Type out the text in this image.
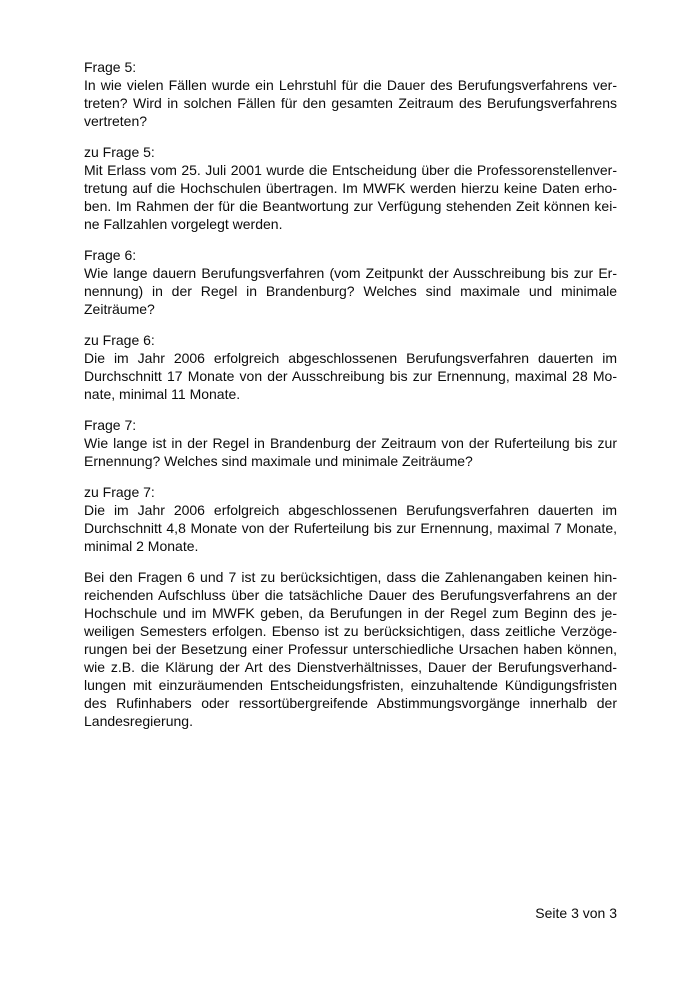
Frage 5:
In wie vielen Fällen wurde ein Lehrstuhl für die Dauer des Berufungsverfahrens ver-
treten? Wird in solchen Fällen für den gesamten Zeitraum des Berufungsverfahrens
vertreten?
zu Frage 5:
Mit Erlass vom 25. Juli 2001 wurde die Entscheidung über die Professorenstellenver-
tretung auf die Hochschulen übertragen. Im MWFK werden hierzu keine Daten erho-
ben. Im Rahmen der für die Beantwortung zur Verfügung stehenden Zeit können kei-
ne Fallzahlen vorgelegt werden.
Frage 6:
Wie lange dauern Berufungsverfahren (vom Zeitpunkt der Ausschreibung bis zur Er-
nennung) in der Regel in Brandenburg? Welches sind maximale und minimale
Zeiträume?
zu Frage 6:
Die im Jahr 2006 erfolgreich abgeschlossenen Berufungsverfahren dauerten im
Durchschnitt 17 Monate von der Ausschreibung bis zur Ernennung, maximal 28 Mo-
nate, minimal 11 Monate.
Frage 7:
Wie lange ist in der Regel in Brandenburg der Zeitraum von der Ruferteilung bis zur
Ernennung? Welches sind maximale und minimale Zeiträume?
zu Frage 7:
Die im Jahr 2006 erfolgreich abgeschlossenen Berufungsverfahren dauerten im
Durchschnitt 4,8 Monate von der Ruferteilung bis zur Ernennung, maximal 7 Monate,
minimal 2 Monate.
Bei den Fragen 6 und 7 ist zu berücksichtigen, dass die Zahlenangaben keinen hin-
reichenden Aufschluss über die tatsächliche Dauer des Berufungsverfahrens an der
Hochschule und im MWFK geben, da Berufungen in der Regel zum Beginn des je-
weiligen Semesters erfolgen. Ebenso ist zu berücksichtigen, dass zeitliche Verzöge-
rungen bei der Besetzung einer Professur unterschiedliche Ursachen haben können,
wie z.B. die Klärung der Art des Dienstverhältnisses, Dauer der Berufungsverhand-
lungen mit einzuräumenden Entscheidungsfristen, einzuhaltende Kündigungsfristen
des Rufinhabers oder ressortübergreifende Abstimmungsvorgänge innerhalb der
Landesregierung.
Seite 3 von 3
